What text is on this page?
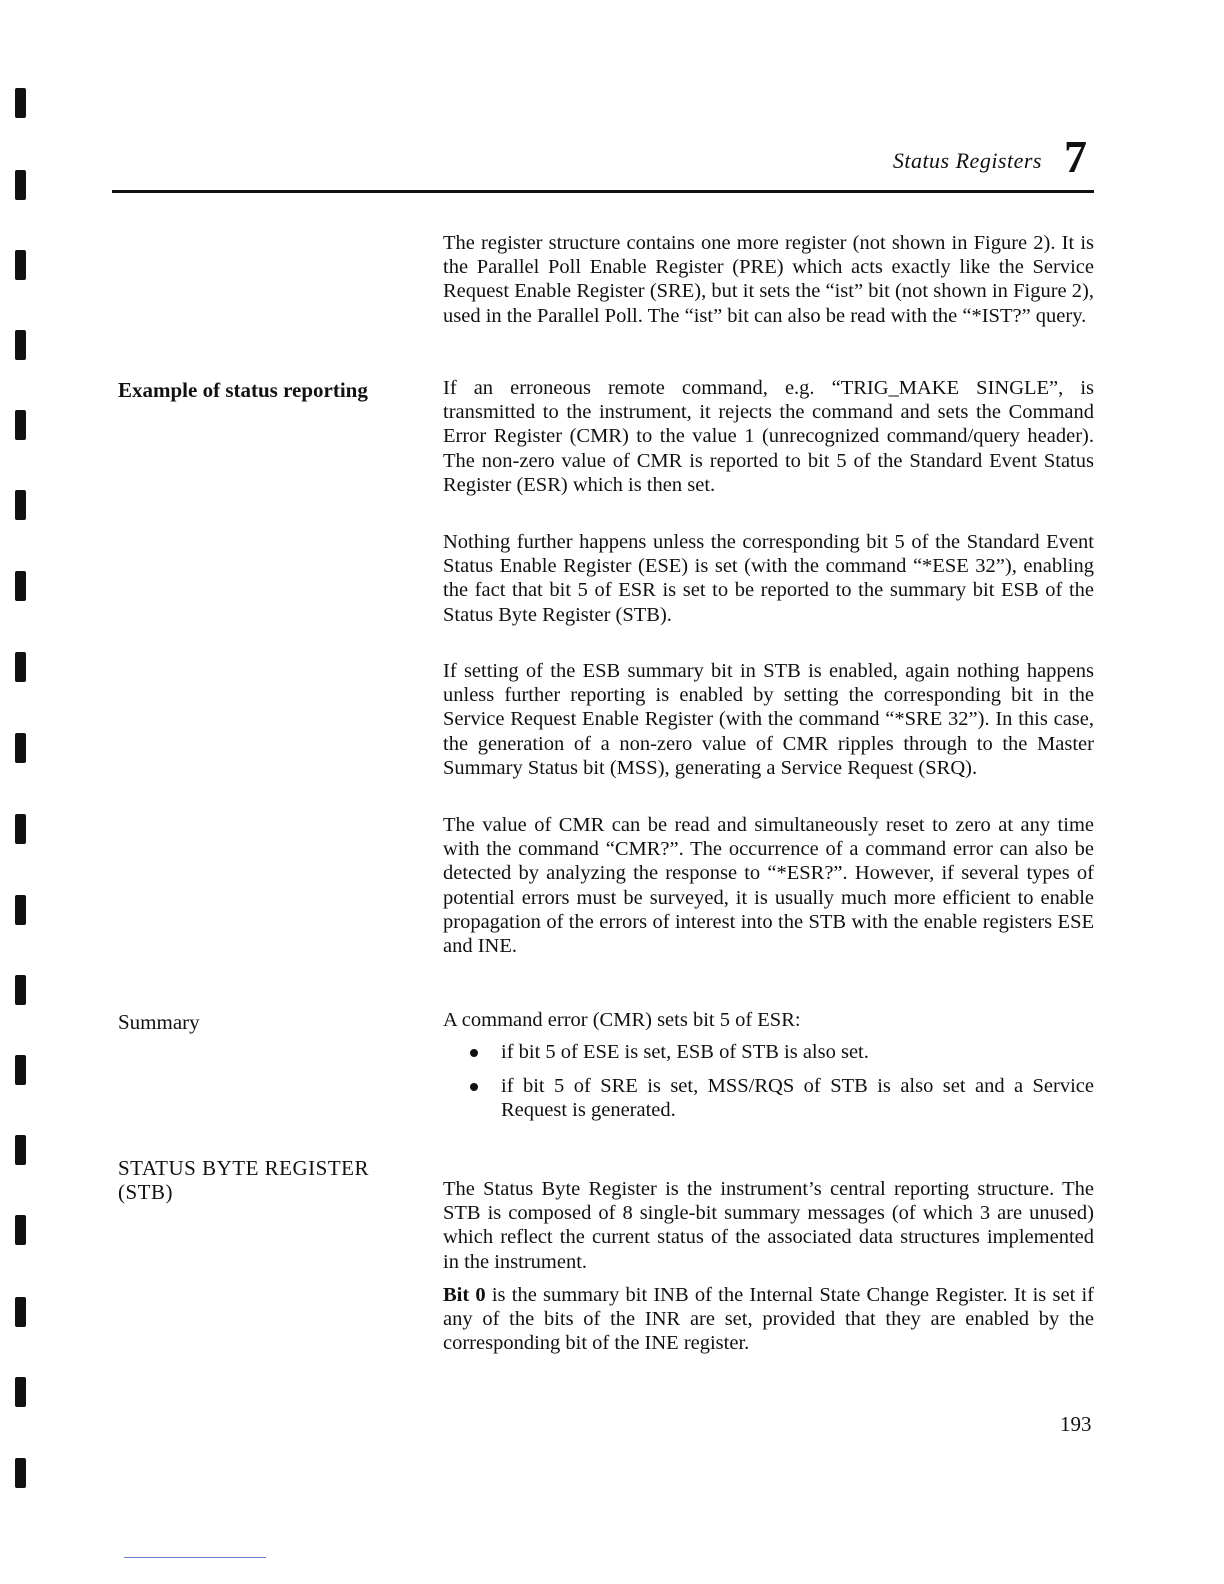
Status Registers 7
The register structure contains one more register (not shown in Figure 2). It is the Parallel Poll Enable Register (PRE) which acts exactly like the Service Request Enable Register (SRE), but it sets the “ist” bit (not shown in Figure 2), used in the Parallel Poll. The “ist” bit can also be read with the “*IST?” query.
Example of status reporting	If an erroneous remote command, e.g. “TRIG_MAKE SINGLE”, is transmitted to the instrument, it rejects the command and sets the Command Error Register (CMR) to the value 1 (unrecognized command/query header). The non-zero value of CMR is reported to bit 5 of the Standard Event Status Register (ESR) which is then set.
Nothing further happens unless the corresponding bit 5 of the Standard Event Status Enable Register (ESE) is set (with the command “*ESE 32”), enabling the fact that bit 5 of ESR is set to be reported to the summary bit ESB of the Status Byte Register (STB).
If setting of the ESB summary bit in STB is enabled, again nothing happens unless further reporting is enabled by setting the corresponding bit in the Service Request Enable Register (with the command “*SRE 32”). In this case, the generation of a non-zero value of CMR ripples through to the Master Summary Status bit (MSS), generating a Service Request (SRQ).
The value of CMR can be read and simultaneously reset to zero at any time with the command “CMR?”. The occurrence of a command error can also be detected by analyzing the response to “*ESR?”. However, if several types of potential errors must be surveyed, it is usually much more efficient to enable propagation of the errors of interest into the STB with the enable registers ESE and INE.
Summary	A command error (CMR) sets bit 5 of ESR:
if bit 5 of ESE is set, ESB of STB is also set.
if bit 5 of SRE is set, MSS/RQS of STB is also set and a Service Request is generated.
STATUS BYTE REGISTER
(STB)	The Status Byte Register is the instrument’s central reporting structure. The STB is composed of 8 single-bit summary messages (of which 3 are unused) which reflect the current status of the associated data structures implemented in the instrument.
Bit 0 is the summary bit INB of the Internal State Change Register. It is set if any of the bits of the INR are set, provided that they are enabled by the corresponding bit of the INE register.
193
